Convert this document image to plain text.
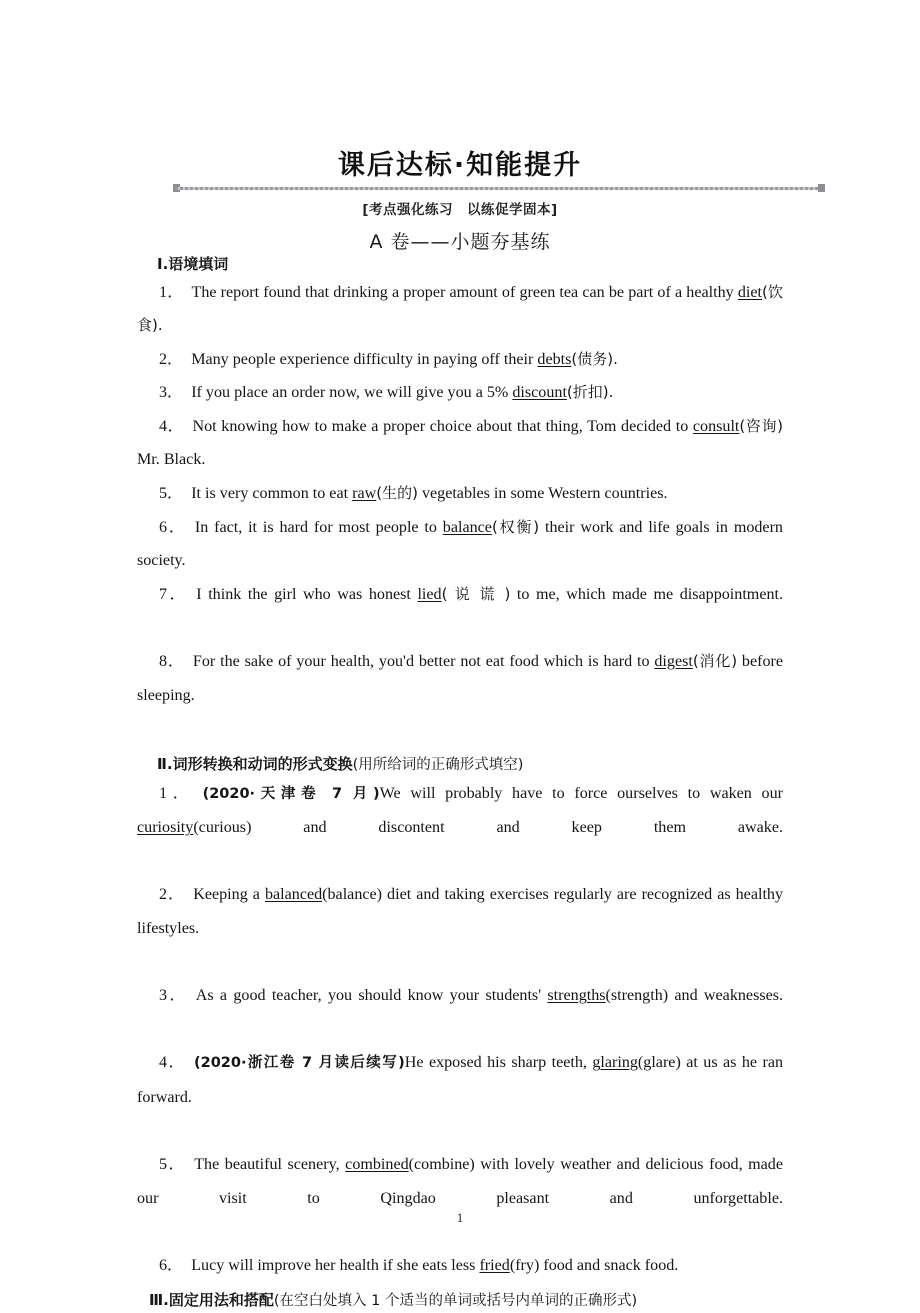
课后达标·知能提升
[考点强化练习　以练促学固本]
A 卷——小题夯基练
Ⅰ.语境填词

1．  The report found that drinking a proper amount of green tea can be part of a healthy diet(饮食).

2．  Many people experience difficulty in paying off their debts(债务).

3．  If you place an order now, we will give you a 5% discount(折扣).

4．  Not knowing how to make a proper choice about that thing, Tom decided to consult(咨询) Mr. Black.

5．  It is very common to eat raw(生的) vegetables in some Western countries.

6．  In fact, it is hard for most people to balance(权衡) their work and life goals in modern society.

7．  I think the girl who was honest lied( 说 谎 ) to me, which made me disappointment.

8．  For the sake of your health, you'd better not eat food which is hard to digest(消化) before sleeping.

Ⅱ.词形转换和动词的形式变换(用所给词的正确形式填空)

1．  (2020·天津卷 7 月)We will probably have to force ourselves to waken our curiosity(curious) and discontent and keep them awake.

2．  Keeping a balanced(balance) diet and taking exercises regularly are recognized as healthy lifestyles.

3．  As a good teacher, you should know your students' strengths(strength) and weaknesses.

4．  (2020·浙江卷 7 月读后续写)He exposed his sharp teeth, glaring(glare) at us as he ran forward.

5．  The beautiful scenery, combined(combine) with lovely weather and delicious food, made our visit to Qingdao pleasant and unforgettable.

6．  Lucy will improve her health if she eats less fried(fry) food and snack food.

Ⅲ.固定用法和搭配(在空白处填入 1 个适当的单词或括号内单词的正确形式)
1
